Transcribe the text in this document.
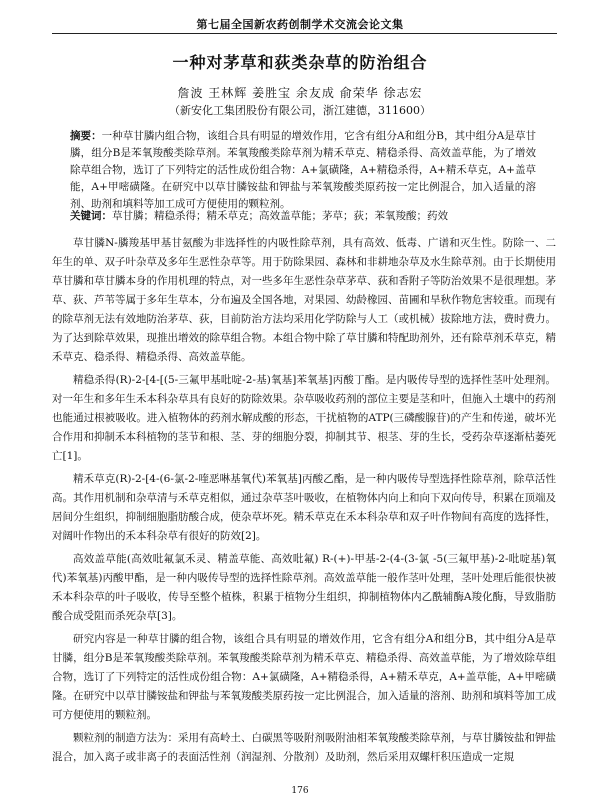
第七届全国新农药创制学术交流会论文集
一种对茅草和荻类杂草的防治组合
詹波 王林辉 姜胜宝 余友成 俞荣华 徐志宏
（新安化工集团股份有限公司，浙江建德，311600）
摘要：一种草甘膦内组合物，该组合具有明显的增效作用，它含有组分A和组分B，其中组分A是草甘膦，组分B是苯氧羧酸类除草剂。苯氧羧酸类除草剂为精禾草克、精稳杀得、高效盖草能，为了增效除草组合物，选订了下列特定的活性成份组合物：A+氯磺隆，A+精稳杀得，A+精禾草克，A+盖草能，A+甲嘧磺隆。在研究中以草甘膦铵盐和钾盐与苯氧羧酸类原药按一定比例混合，加入适量的溶剂、助剂和填料等加工成可方便使用的颗粒剂。
关键词：草甘膦；精稳杀得；精禾草克；高效盖草能；茅草；荻；苯氧羧酸；药效

草甘膦N-膦羧基甲基甘氨酸为非选择性的内吸性除草剂，具有高效、低毒、广谱和灭生性。防除一、二年生的单、双子叶杂草及多年生恶性杂草等。用于防除果园、森林和非耕地杂草及水生除草剂。由于长期使用草甘膦和草甘膦本身的作用机理的特点，对一些多年生恶性杂草茅草、荻和香附子等防治效果不是很理想。茅草、荻、芦苇等属于多年生草本，分布遍及全国各地，对果园、幼龄橡园、苗圃和旱秋作物危害较重。而现有的除草剂无法有效地防治茅草、荻，目前防治方法均采用化学防除与人工（或机械）拔除地方法，费时费力。为了达到除草效果，现推出增效的除草组合物。本组合物中除了草甘膦和特配助剂外，还有除草剂禾草克，精禾草克、稳杀得、精稳杀得、高效盖草能。

精稳杀得(R)-2-[4-[(5-三氟甲基吡啶-2-基)氧基]苯氧基]丙酸丁酯。是内吸传导型的选择性茎叶处理剂。对一年生和多年生禾本科杂草具有良好的防除效果。杂草吸收药剂的部位主要是茎和叶，但施入土壤中的药剂也能通过根被吸收。进入植物体的药剂水解成酸的形态，干扰植物的ATP(三磷酸腺苷)的产生和传递，破坏光合作用和抑制禾本科植物的茎节和根、茎、芽的细胞分裂，抑制其节、根茎、芽的生长，受药杂草逐渐枯萎死亡[1]。

精禾草克(R)-2-[4-(6-氯-2-喹恶啉基氧代)苯氧基]丙酸乙酯，是一种内吸传导型选择性除草剂，除草活性高。其作用机制和杂草清与禾草克相似，通过杂草茎叶吸收，在植物体内向上和向下双向传导，积累在顶端及居间分生组织，抑制细胞脂肪酸合成，使杂草坏死。精禾草克在禾本科杂草和双子叶作物间有高度的选择性，对阔叶作物出的禾本科杂草有很好的防效[2]。

高效盖草能(高效吡氟氯禾灵、精盖草能、高效吡氟) R-(+)-甲基-2-(4-(3-氯 -5(三氟甲基)-2-吡啶基)氧代)苯氧基)丙酸甲酯，是一种内吸传导型的选择性除草剂。高效盖草能一般作茎叶处理，茎叶处理后能很快被禾本科杂草的叶子吸收，传导至整个植株，积累于植物分生组织，抑制植物体内乙酰辅酶A羧化酶，导致脂肪酸合成受阻而杀死杂草[3]。

研究内容是一种草甘膦的组合物，该组合具有明显的增效作用，它含有组分A和组分B，其中组分A是草甘膦，组分B是苯氧羧酸类除草剂。苯氧羧酸类除草剂为精禾草克、精稳杀得、高效盖草能，为了增效除草组合物，选订了下列特定的活性成份组合物：A+氯磺隆，A+精稳杀得，A+精禾草克，A+盖草能，A+甲嘧磺隆。在研究中以草甘膦铵盐和钾盐与苯氧羧酸类原药按一定比例混合，加入适量的溶剂、助剂和填料等加工成可方便使用的颗粒剂。

颗粒剂的制造方法为：采用有高岭土、白碳黑等吸附剂吸附油相苯氧羧酸类除草剂，与草甘膦铵盐和钾盐混合，加入离子或非离子的表面活性剂（润湿剂、分散剂）及助剂，然后采用双螺杆积压造成一定規

176
